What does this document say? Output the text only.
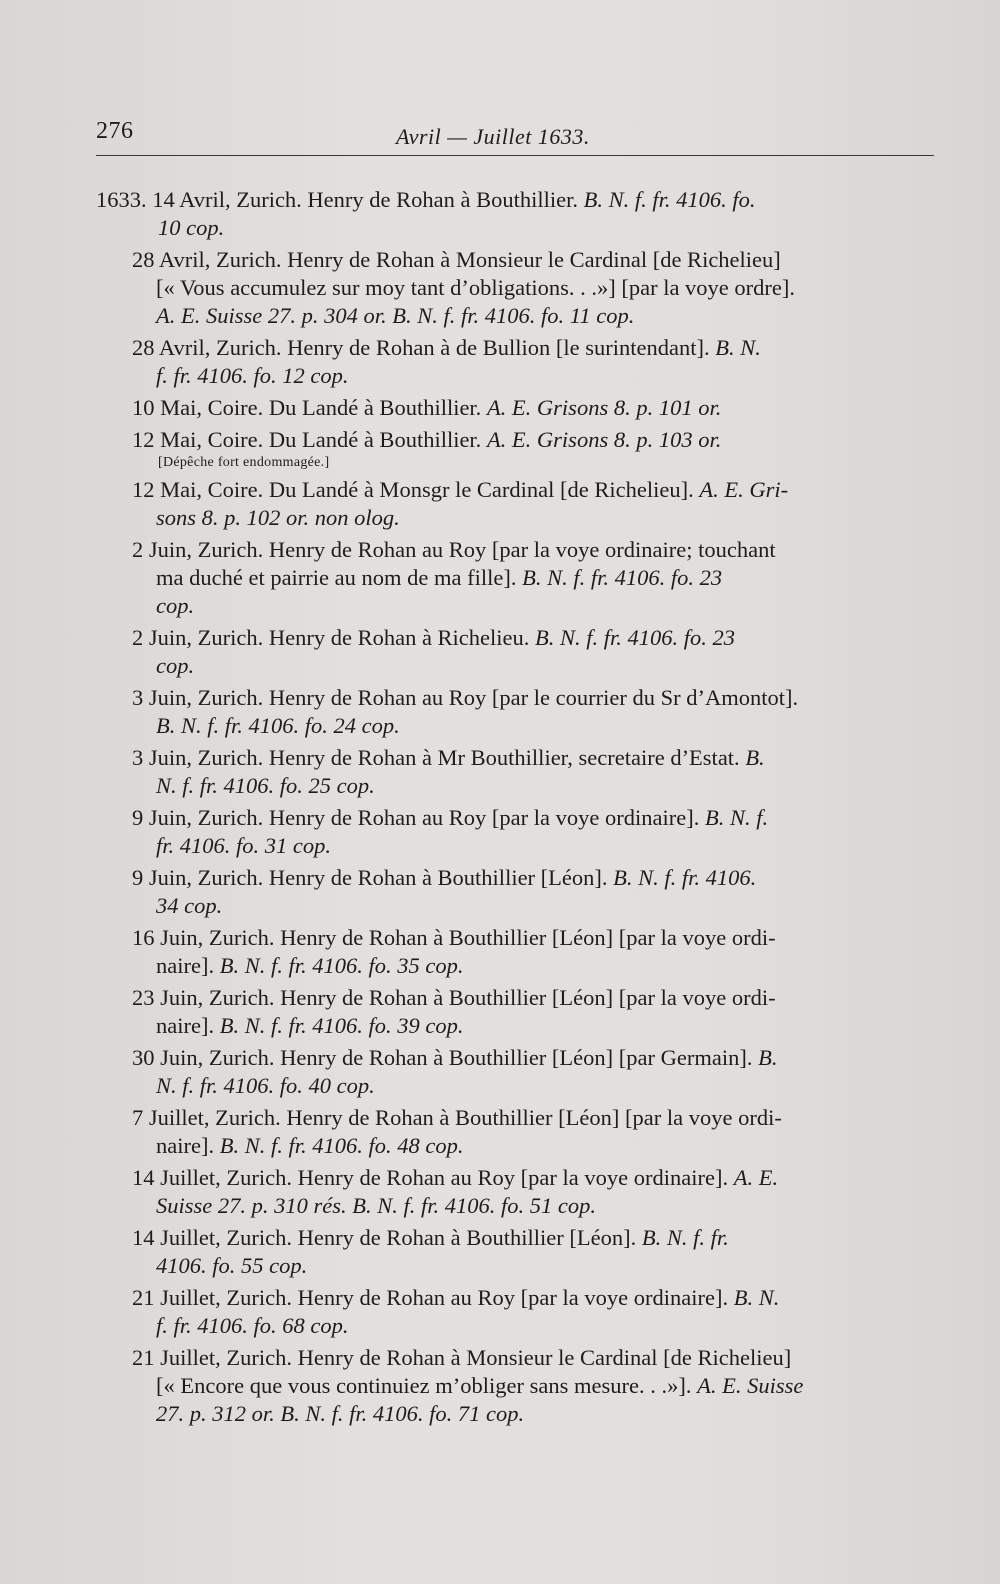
276	Avril — Juillet 1633.
1633. 14 Avril, Zurich. Henry de Rohan à Bouthillier. B. N. f. fr. 4106. fo.
10 cop.
28 Avril, Zurich. Henry de Rohan à Monsieur le Cardinal [de Richelieu]
[« Vous accumulez sur moy tant d’obligations. . .»] [par la voye ordre].
A. E. Suisse 27. p. 304 or. B. N. f. fr. 4106. fo. 11 cop.
28 Avril, Zurich. Henry de Rohan à de Bullion [le surintendant]. B. N.
f. fr. 4106. fo. 12 cop.
10 Mai, Coire. Du Landé à Bouthillier. A. E. Grisons 8. p. 101 or.
12 Mai, Coire. Du Landé à Bouthillier. A. E. Grisons 8. p. 103 or.
[Dépêche fort endommagée.]
12 Mai, Coire. Du Landé à Monsgr le Cardinal [de Richelieu]. A. E. Gri-
sons 8. p. 102 or. non olog.
2 Juin, Zurich. Henry de Rohan au Roy [par la voye ordinaire; touchant
ma duché et pairrie au nom de ma fille]. B. N. f. fr. 4106. fo. 23
cop.
2 Juin, Zurich. Henry de Rohan à Richelieu. B. N. f. fr. 4106. fo. 23
cop.
3 Juin, Zurich. Henry de Rohan au Roy [par le courrier du Sr d’Amontot].
B. N. f. fr. 4106. fo. 24 cop.
3 Juin, Zurich. Henry de Rohan à Mr Bouthillier, secretaire d’Estat. B.
N. f. fr. 4106. fo. 25 cop.
9 Juin, Zurich. Henry de Rohan au Roy [par la voye ordinaire]. B. N. f.
fr. 4106. fo. 31 cop.
9 Juin, Zurich. Henry de Rohan à Bouthillier [Léon]. B. N. f. fr. 4106.
34 cop.
16 Juin, Zurich. Henry de Rohan à Bouthillier [Léon] [par la voye ordi-
naire]. B. N. f. fr. 4106. fo. 35 cop.
23 Juin, Zurich. Henry de Rohan à Bouthillier [Léon] [par la voye ordi-
naire]. B. N. f. fr. 4106. fo. 39 cop.
30 Juin, Zurich. Henry de Rohan à Bouthillier [Léon] [par Germain]. B.
N. f. fr. 4106. fo. 40 cop.
7 Juillet, Zurich. Henry de Rohan à Bouthillier [Léon] [par la voye ordi-
naire]. B. N. f. fr. 4106. fo. 48 cop.
14 Juillet, Zurich. Henry de Rohan au Roy [par la voye ordinaire]. A. E.
Suisse 27. p. 310 rés. B. N. f. fr. 4106. fo. 51 cop.
14 Juillet, Zurich. Henry de Rohan à Bouthillier [Léon]. B. N. f. fr.
4106. fo. 55 cop.
21 Juillet, Zurich. Henry de Rohan au Roy [par la voye ordinaire]. B. N.
f. fr. 4106. fo. 68 cop.
21 Juillet, Zurich. Henry de Rohan à Monsieur le Cardinal [de Richelieu]
[« Encore que vous continuiez m’obliger sans mesure. . .»]. A. E. Suisse
27. p. 312 or. B. N. f. fr. 4106. fo. 71 cop.
